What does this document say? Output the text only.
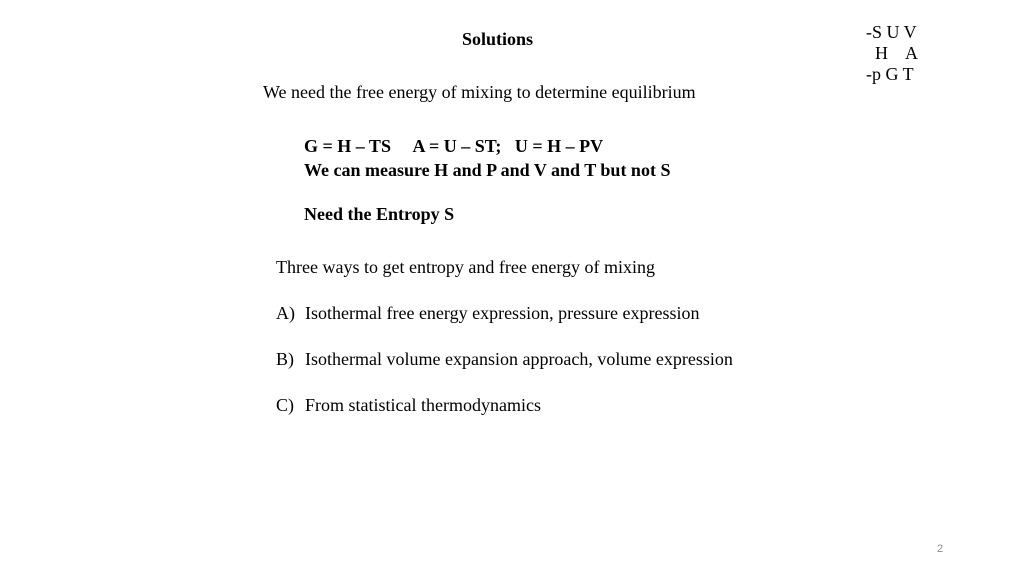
Solutions	-S U V
H    A
-p G T
We need the free energy of mixing to determine equilibrium
G = H – TS     A = U – ST;   U = H – PV
We can measure H and P and V and T but not S
Need the Entropy S
Three ways to get entropy and free energy of mixing
A) Isothermal free energy expression, pressure expression
B) Isothermal volume expansion approach, volume expression
C) From statistical thermodynamics
2
